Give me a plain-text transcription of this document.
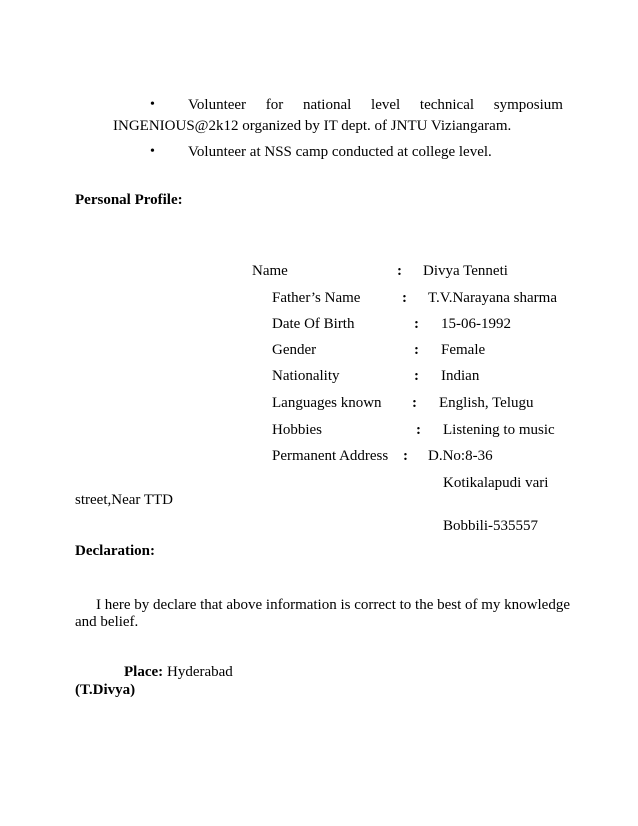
• Volunteer for national level technical symposium
INGENIOUS@2k12 organized by IT dept. of JNTU Viziangaram.
• Volunteer at NSS camp conducted at college level.
Personal Profile:
Name	: Divya Tenneti
Father’s Name	: T.V.Narayana sharma
Date Of Birth	: 15-06-1992
Gender	: Female
Nationality	: Indian
Languages known : English, Telugu
Hobbies	: Listening to music
Permanent Address : D.No:8-36
Kotikalapudi vari
street,Near TTD
Bobbili-535557
Declaration:
I here by declare that above information is correct to the best of my knowledge
and belief.
Place: Hyderabad
(T.Divya)
